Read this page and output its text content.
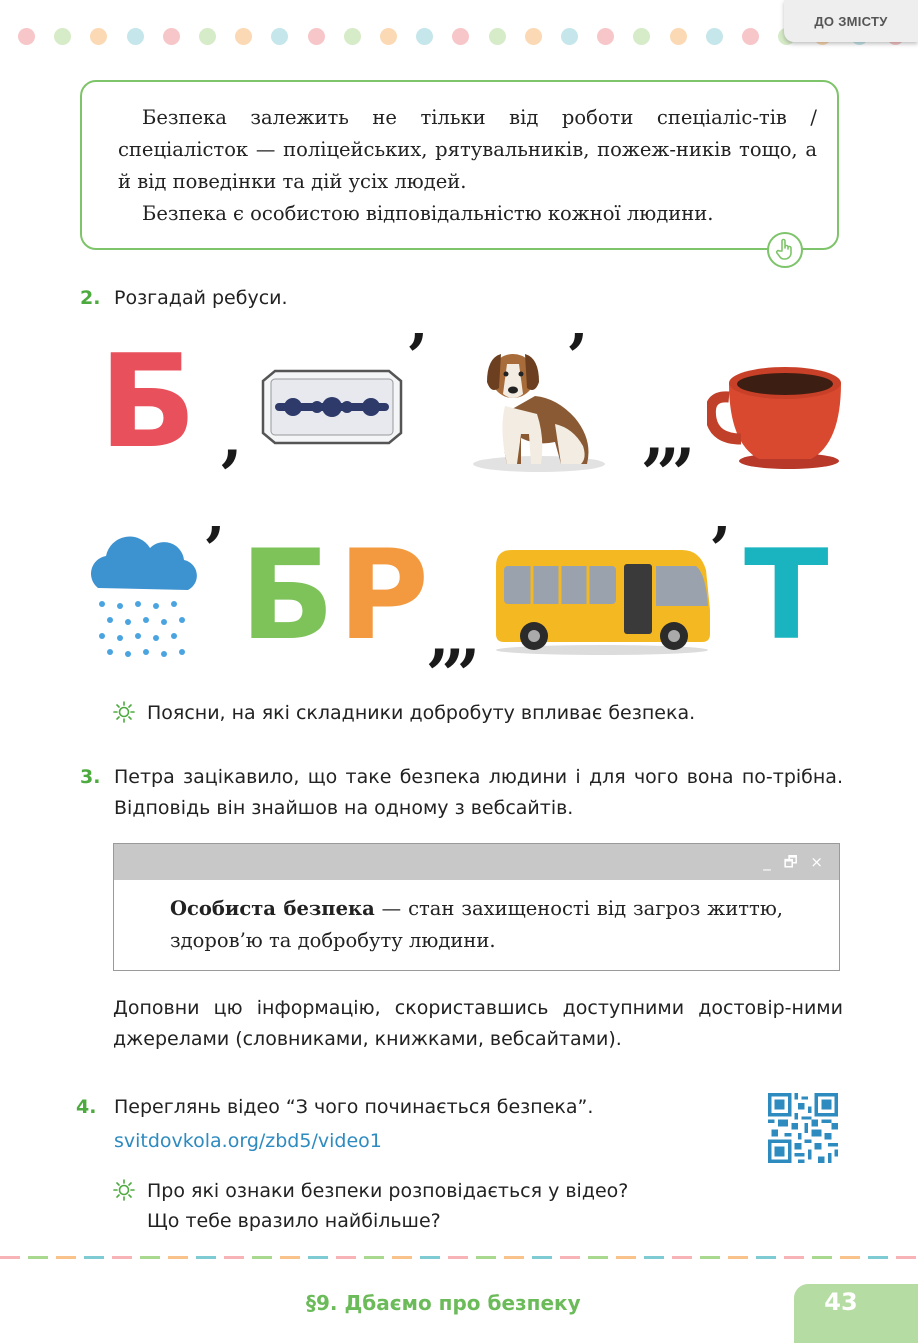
ДО ЗМІСТУ

Безпека залежить не тільки від роботи спеціаліс-тів / спеціалісток — поліцейських, рятувальників, пожеж-ників тощо, а й від поведінки та дій усіх людей.

Безпека є особистою відповідальністю кожної людини.

2. Розгадай ребуси.
Б ,
ʼ ʼ
,,,
ʼ Б Р ,,,
ʼ Т
Поясни, на які складники добробуту впливає безпека.
3. Петра зацікавило, що таке безпека людини і для чого вона по-трібна. Відповідь він знайшов на одному з вебсайтів.
_ 🗗 ×
Особиста безпека — стан захищеності від загроз життю, здоров’ю та добробуту людини.
Доповни цю інформацію, скориставшись доступними достовір-ними джерелами (словниками, книжками, вебсайтами).
4. Переглянь відео “З чого починається безпека”.
svitdovkola.org/zbd5/video1
Про які ознаки безпеки розповідається у відео?
Що тебе вразило найбільше?
§9. Дбаємо про безпеку	43
